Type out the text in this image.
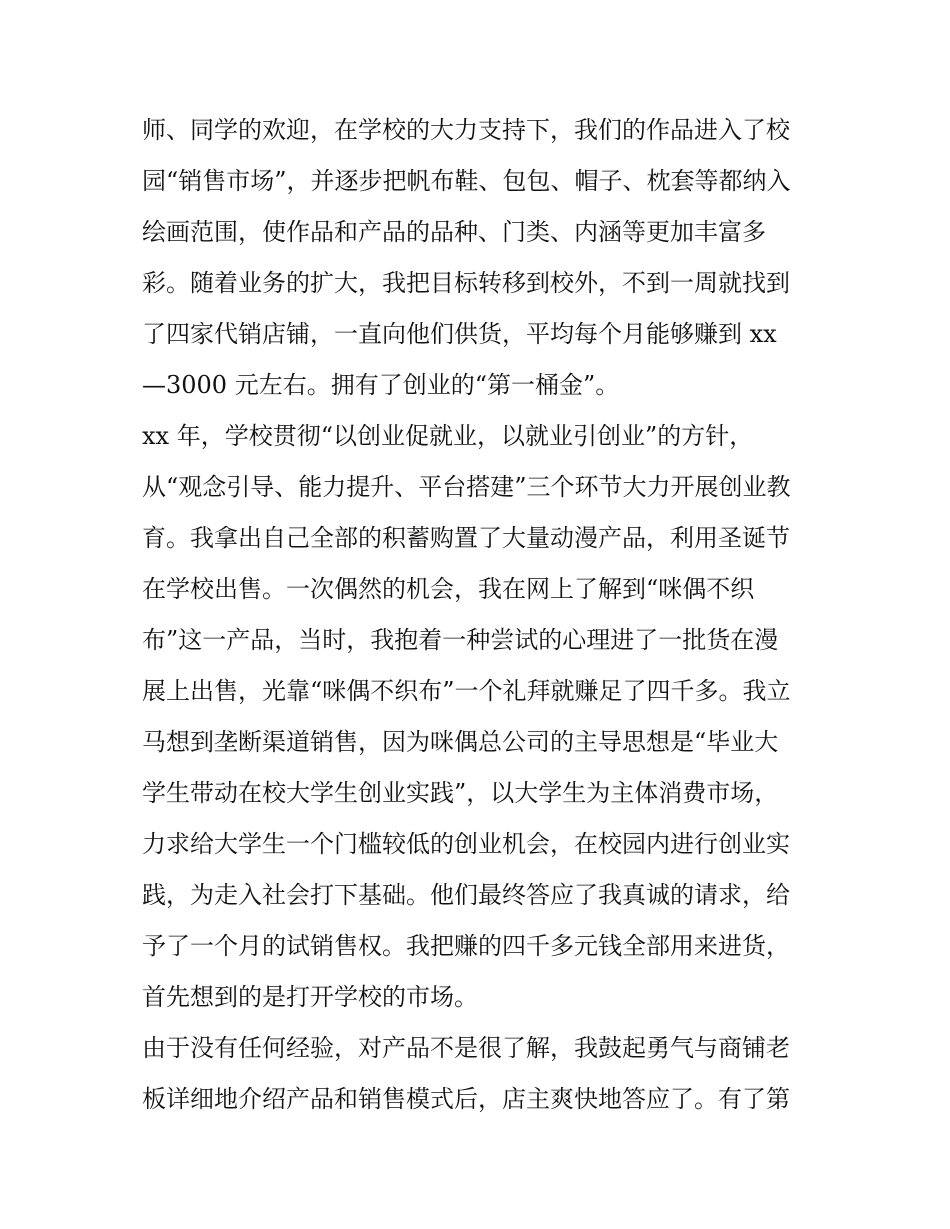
师、同学的欢迎，在学校的大力支持下，我们的作品进入了校
园“销售市场”，并逐步把帆布鞋、包包、帽子、枕套等都纳入
绘画范围，使作品和产品的品种、门类、内涵等更加丰富多
彩。随着业务的扩大，我把目标转移到校外，不到一周就找到
了四家代销店铺，一直向他们供货，平均每个月能够赚到 xx
—3000 元左右。拥有了创业的“第一桶金”。
xx 年，学校贯彻“以创业促就业，以就业引创业”的方针，
从“观念引导、能力提升、平台搭建”三个环节大力开展创业教
育。我拿出自己全部的积蓄购置了大量动漫产品，利用圣诞节
在学校出售。一次偶然的机会，我在网上了解到“咪偶不织
布”这一产品，当时，我抱着一种尝试的心理进了一批货在漫
展上出售，光靠“咪偶不织布”一个礼拜就赚足了四千多。我立
马想到垄断渠道销售，因为咪偶总公司的主导思想是“毕业大
学生带动在校大学生创业实践”，以大学生为主体消费市场，
力求给大学生一个门槛较低的创业机会，在校园内进行创业实
践，为走入社会打下基础。他们最终答应了我真诚的请求，给
予了一个月的试销售权。我把赚的四千多元钱全部用来进货，
首先想到的是打开学校的市场。
由于没有任何经验，对产品不是很了解，我鼓起勇气与商铺老
板详细地介绍产品和销售模式后，店主爽快地答应了。有了第
